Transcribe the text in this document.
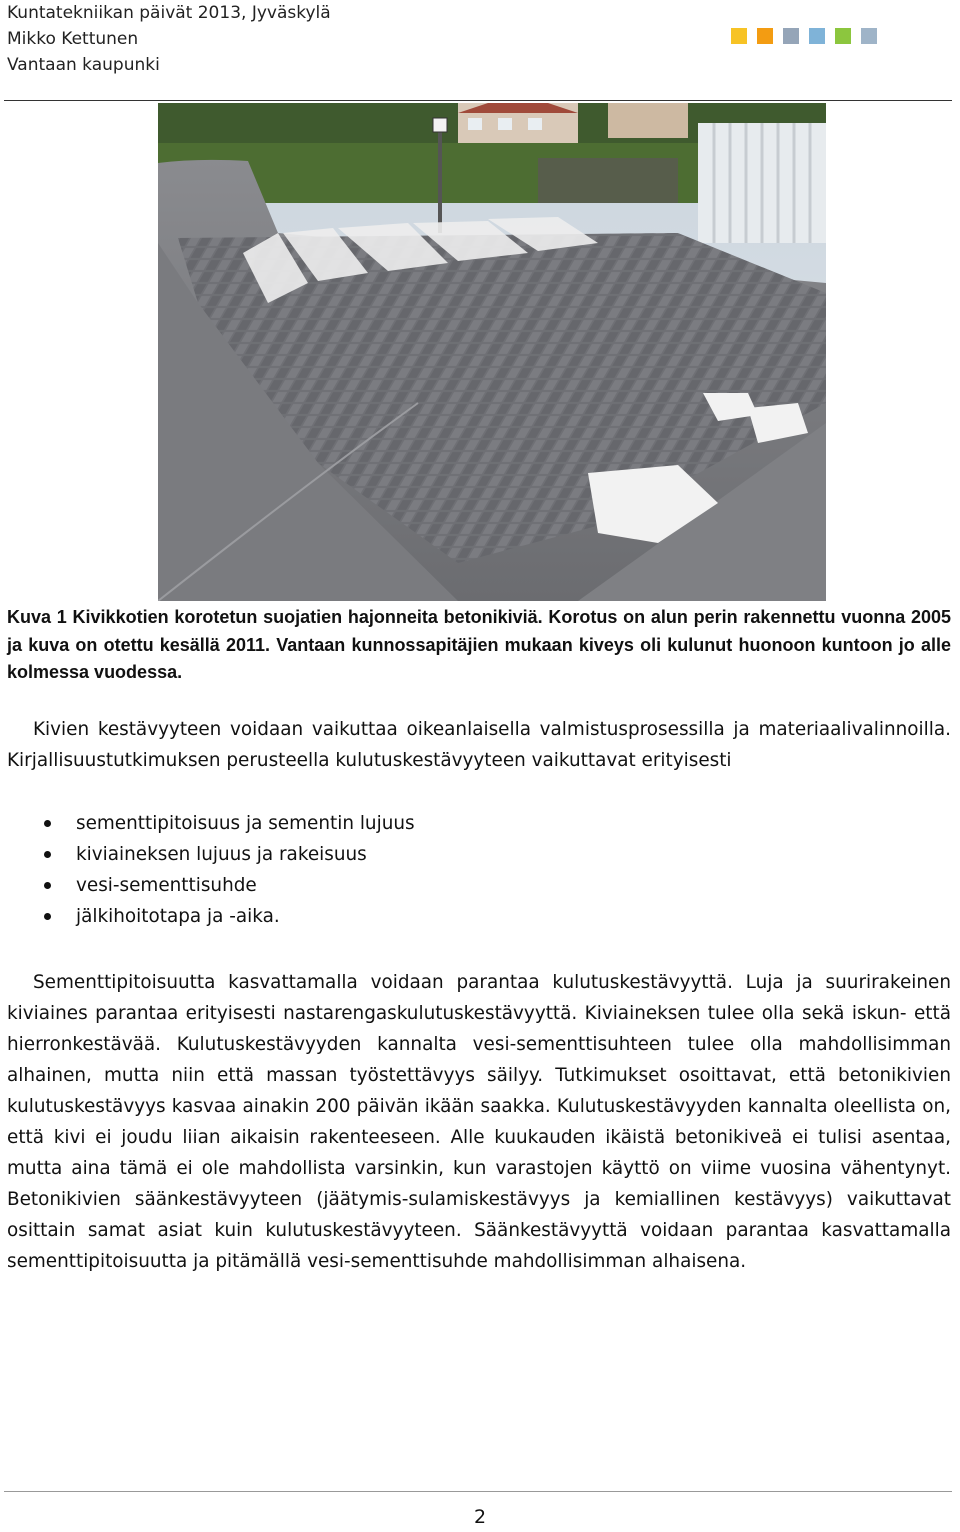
Kuntatekniikan päivät 2013, Jyväskylä
Mikko Kettunen
Vantaan kaupunki
Kuva 1 Kivikkotien korotetun suojatien hajonneita betonikiviä. Korotus on alun perin rakennettu vuonna 2005 ja kuva on otettu kesällä 2011. Vantaan kunnossapitäjien mukaan kiveys oli kulunut huonoon kuntoon jo alle kolmessa vuodessa.

Kivien kestävyyteen voidaan vaikuttaa oikeanlaisella valmistusprosessilla ja materiaalivalinnoilla. Kirjallisuustutkimuksen perusteella kulutuskestävyyteen vaikuttavat erityisesti

sementtipitoisuus ja sementin lujuus
kiviaineksen lujuus ja rakeisuus
vesi-sementtisuhde
jälkihoitotapa ja -aika.

Sementtipitoisuutta kasvattamalla voidaan parantaa kulutuskestävyyttä. Luja ja suurirakeinen kiviaines parantaa erityisesti nastarengaskulutuskestävyyttä. Kiviaineksen tulee olla sekä iskun- että hierronkestävää. Kulutuskestävyyden kannalta vesi-sementtisuhteen tulee olla mahdollisimman alhainen, mutta niin että massan työstettävyys säilyy. Tutkimukset osoittavat, että betonikivien kulutuskestävyys kasvaa ainakin 200 päivän ikään saakka. Kulutuskestävyyden kannalta oleellista on, että kivi ei joudu liian aikaisin rakenteeseen. Alle kuukauden ikäistä betonikiveä ei tulisi asentaa, mutta aina tämä ei ole mahdollista varsinkin, kun varastojen käyttö on viime vuosina vähentynyt. Betonikivien säänkestävyyteen (jäätymis-sulamiskestävyys ja kemiallinen kestävyys) vaikuttavat osittain samat asiat kuin kulutuskestävyyteen. Säänkestävyyttä voidaan parantaa kasvattamalla sementtipitoisuutta ja pitämällä vesi-sementtisuhde mahdollisimman alhaisena.

2
